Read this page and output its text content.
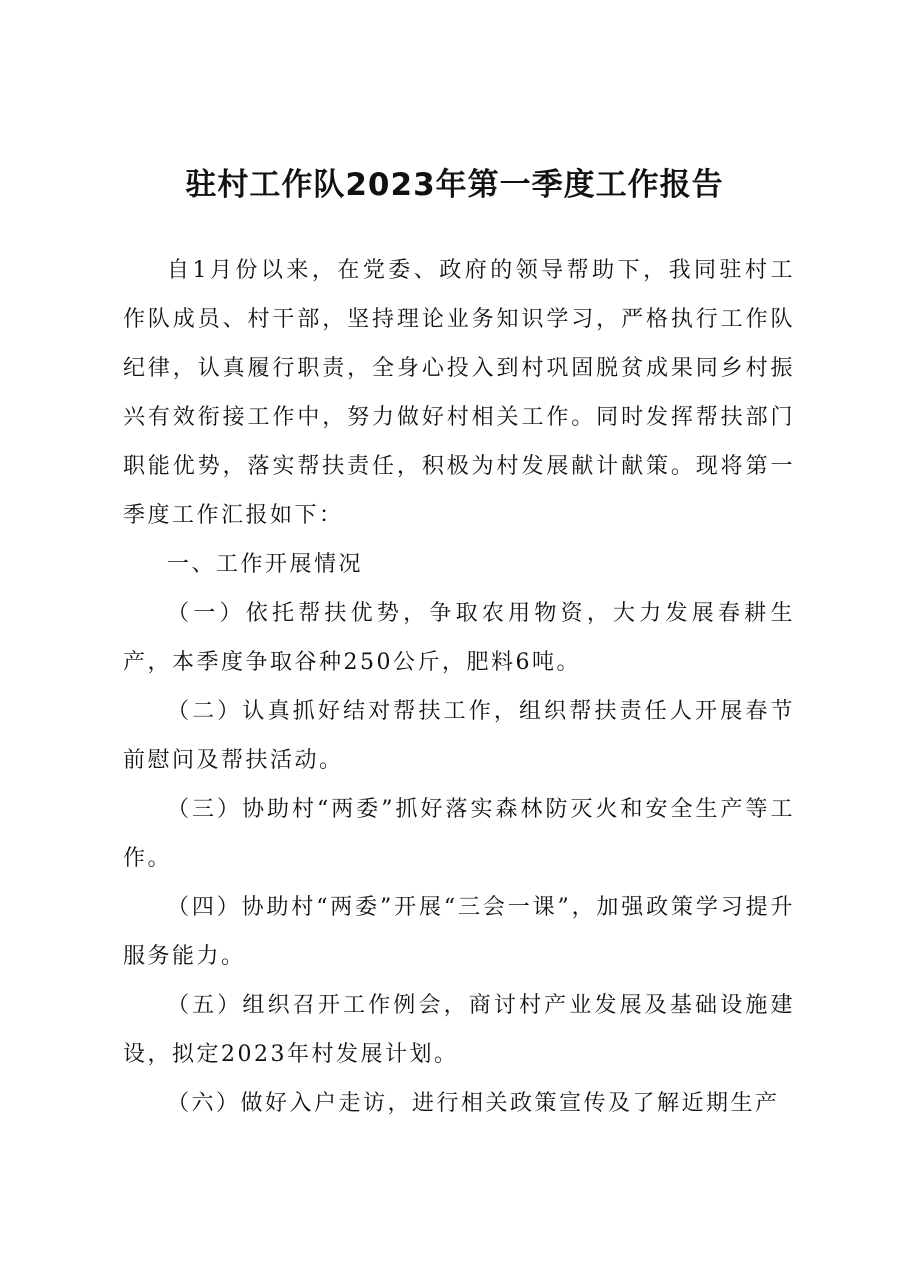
驻村工作队2023年第一季度工作报告

自1月份以来，在党委、政府的领导帮助下，我同驻村工作队成员、村干部，坚持理论业务知识学习，严格执行工作队纪律，认真履行职责，全身心投入到村巩固脱贫成果同乡村振兴有效衔接工作中，努力做好村相关工作。同时发挥帮扶部门职能优势，落实帮扶责任，积极为村发展献计献策。现将第一季度工作汇报如下：

一、工作开展情况

（一）依托帮扶优势，争取农用物资，大力发展春耕生产，本季度争取谷种250公斤，肥料6吨。

（二）认真抓好结对帮扶工作，组织帮扶责任人开展春节前慰问及帮扶活动。

（三）协助村“两委”抓好落实森林防灭火和安全生产等工作。

（四）协助村“两委”开展“三会一课”，加强政策学习提升服务能力。

（五）组织召开工作例会，商讨村产业发展及基础设施建设，拟定2023年村发展计划。

（六）做好入户走访，进行相关政策宣传及了解近期生产
